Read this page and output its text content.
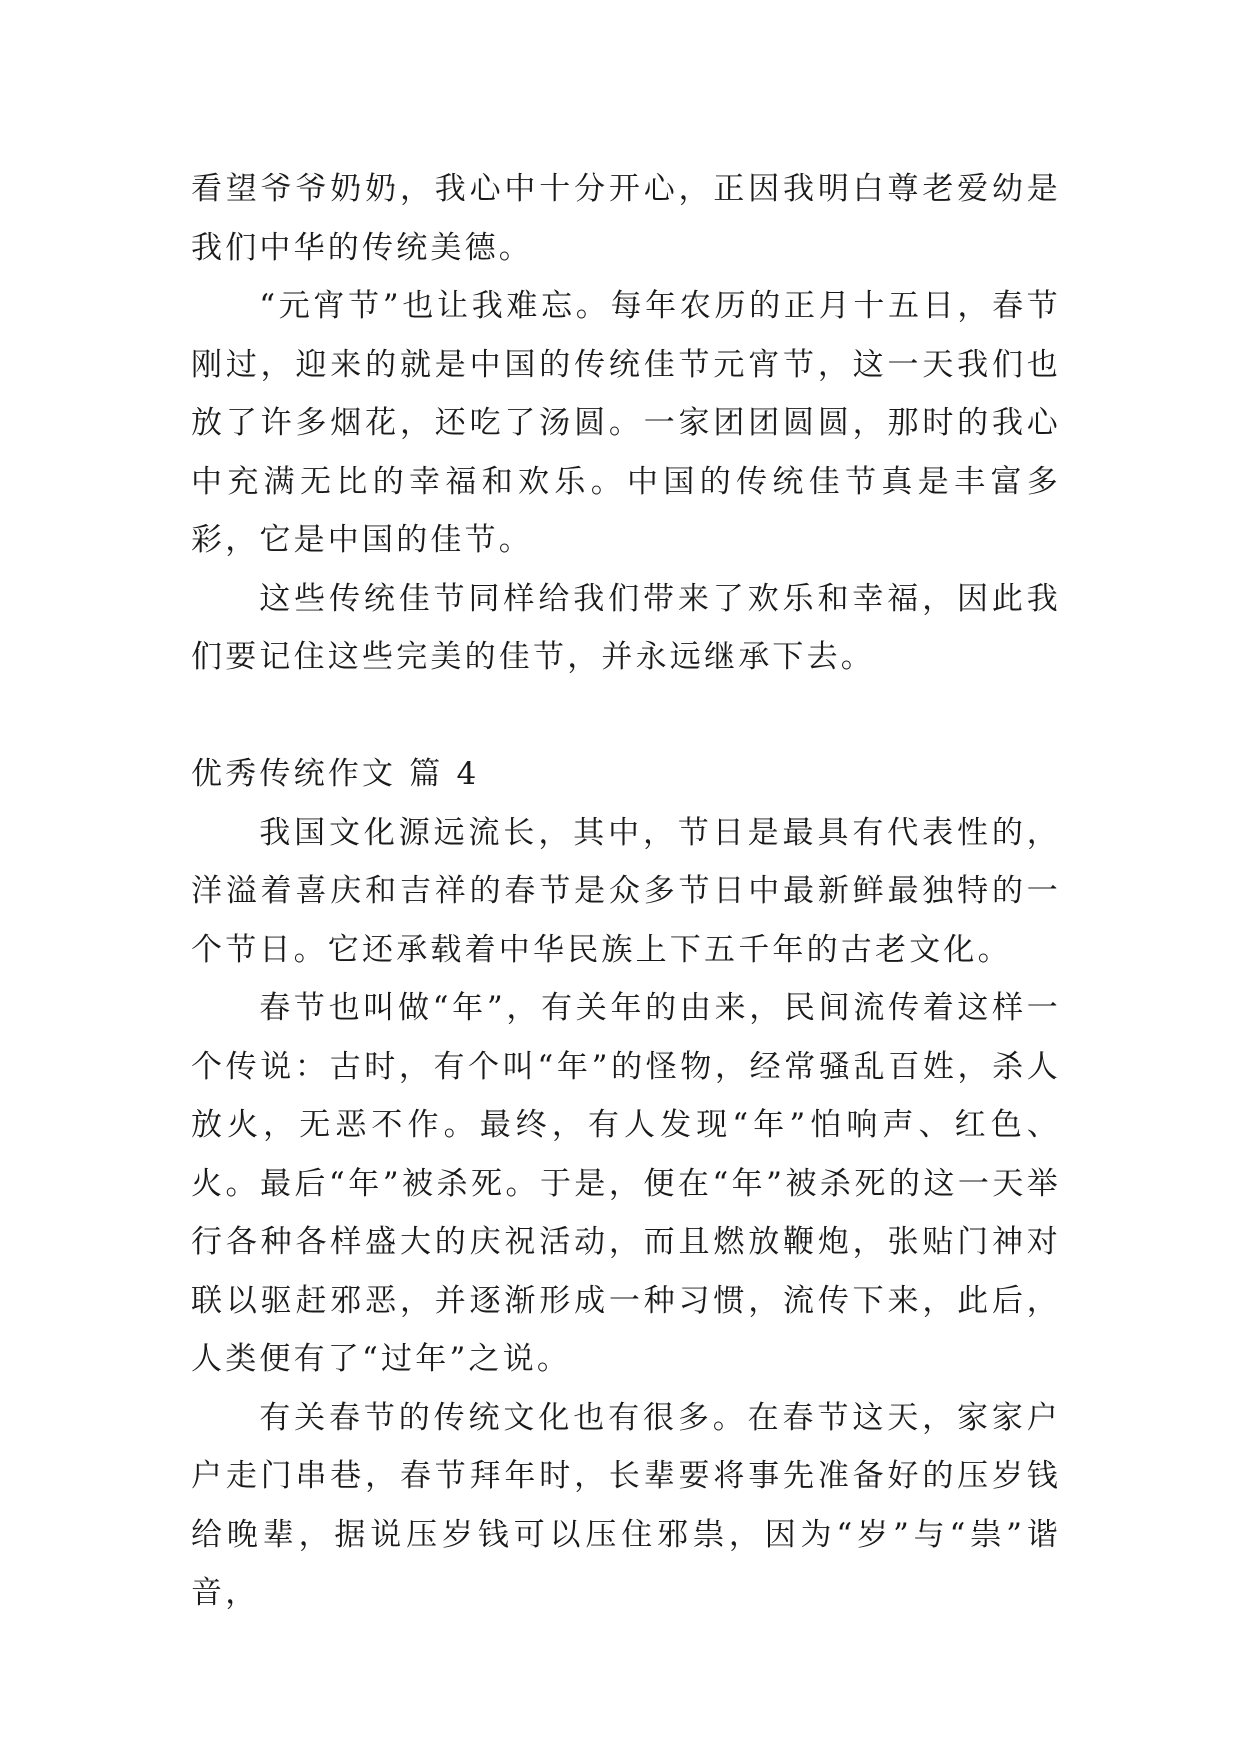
看望爷爷奶奶，我心中十分开心，正因我明白尊老爱幼是我们中华的传统美德。

“元宵节”也让我难忘。每年农历的正月十五日，春节刚过，迎来的就是中国的传统佳节元宵节，这一天我们也放了许多烟花，还吃了汤圆。一家团团圆圆，那时的我心中充满无比的幸福和欢乐。中国的传统佳节真是丰富多彩，它是中国的佳节。

这些传统佳节同样给我们带来了欢乐和幸福，因此我们要记住这些完美的佳节，并永远继承下去。

优秀传统作文 篇 4

我国文化源远流长，其中，节日是最具有代表性的，洋溢着喜庆和吉祥的春节是众多节日中最新鲜最独特的一个节日。它还承载着中华民族上下五千年的古老文化。

春节也叫做“年”，有关年的由来，民间流传着这样一个传说：古时，有个叫“年”的怪物，经常骚乱百姓，杀人放火，无恶不作。最终，有人发现“年”怕响声、红色、火。最后“年”被杀死。于是，便在“年”被杀死的这一天举行各种各样盛大的庆祝活动，而且燃放鞭炮，张贴门神对联以驱赶邪恶，并逐渐形成一种习惯，流传下来，此后，人类便有了“过年”之说。

有关春节的传统文化也有很多。在春节这天，家家户户走门串巷，春节拜年时，长辈要将事先准备好的压岁钱给晚辈，据说压岁钱可以压住邪祟，因为“岁”与“祟”谐音，
